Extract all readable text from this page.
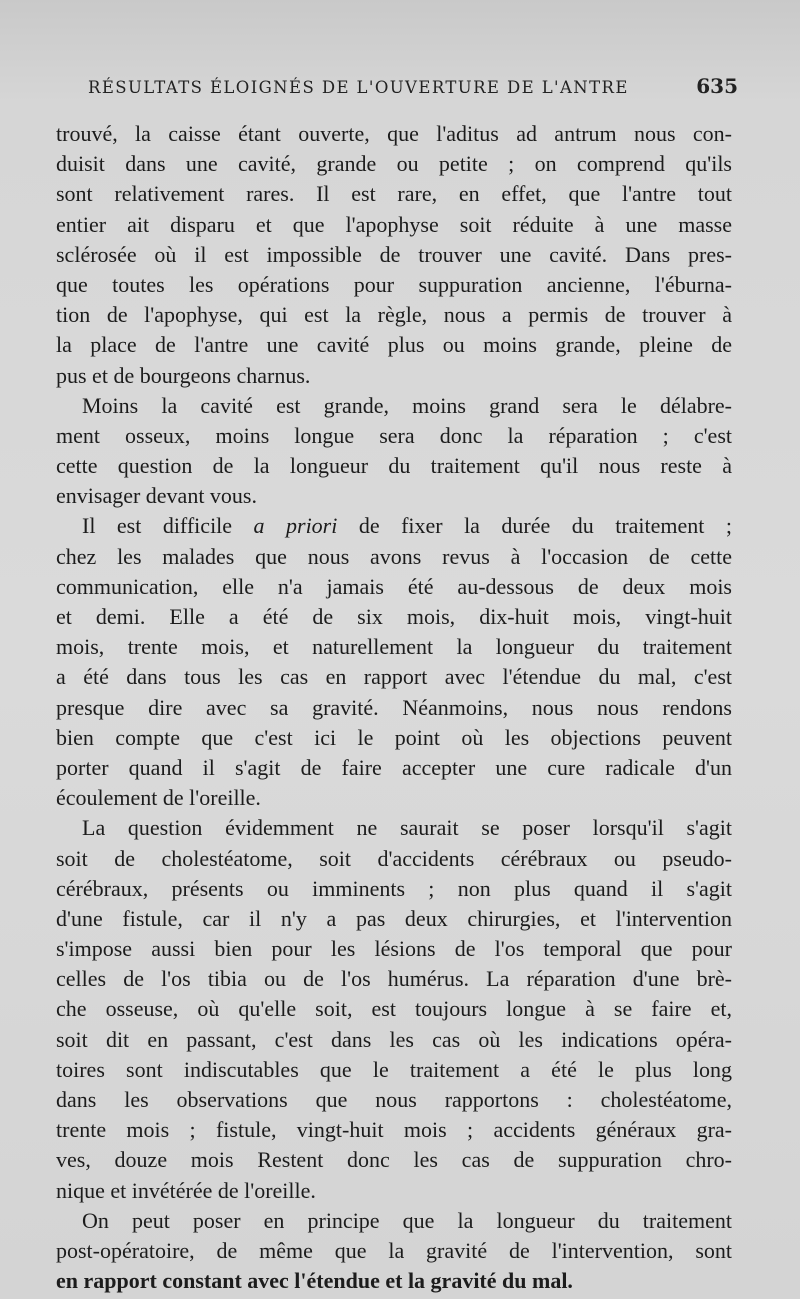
RÉSULTATS ÉLOIGNÉS DE L'OUVERTURE DE L'ANTRE	635
trouvé, la caisse étant ouverte, que l'aditus ad antrum nous con-
duisit dans une cavité, grande ou petite ; on comprend qu'ils
sont relativement rares. Il est rare, en effet, que l'antre tout
entier ait disparu et que l'apophyse soit réduite à une masse
sclérosée où il est impossible de trouver une cavité. Dans pres-
que toutes les opérations pour suppuration ancienne, l'éburna-
tion de l'apophyse, qui est la règle, nous a permis de trouver à
la place de l'antre une cavité plus ou moins grande, pleine de
pus et de bourgeons charnus.
Moins la cavité est grande, moins grand sera le délabre-
ment osseux, moins longue sera donc la réparation ; c'est
cette question de la longueur du traitement qu'il nous reste à
envisager devant vous.
Il est difficile a priori de fixer la durée du traitement ;
chez les malades que nous avons revus à l'occasion de cette
communication, elle n'a jamais été au-dessous de deux mois
et demi. Elle a été de six mois, dix-huit mois, vingt-huit
mois, trente mois, et naturellement la longueur du traitement
a été dans tous les cas en rapport avec l'étendue du mal, c'est
presque dire avec sa gravité. Néanmoins, nous nous rendons
bien compte que c'est ici le point où les objections peuvent
porter quand il s'agit de faire accepter une cure radicale d'un
écoulement de l'oreille.
La question évidemment ne saurait se poser lorsqu'il s'agit
soit de cholestéatome, soit d'accidents cérébraux ou pseudo-
cérébraux, présents ou imminents ; non plus quand il s'agit
d'une fistule, car il n'y a pas deux chirurgies, et l'intervention
s'impose aussi bien pour les lésions de l'os temporal que pour
celles de l'os tibia ou de l'os humérus. La réparation d'une brè-
che osseuse, où qu'elle soit, est toujours longue à se faire et,
soit dit en passant, c'est dans les cas où les indications opéra-
toires sont indiscutables que le traitement a été le plus long
dans les observations que nous rapportons : cholestéatome,
trente mois ; fistule, vingt-huit mois ; accidents généraux gra-
ves, douze mois Restent donc les cas de suppuration chro-
nique et invétérée de l'oreille.
On peut poser en principe que la longueur du traitement
post-opératoire, de même que la gravité de l'intervention, sont
en rapport constant avec l'étendue et la gravité du mal.
